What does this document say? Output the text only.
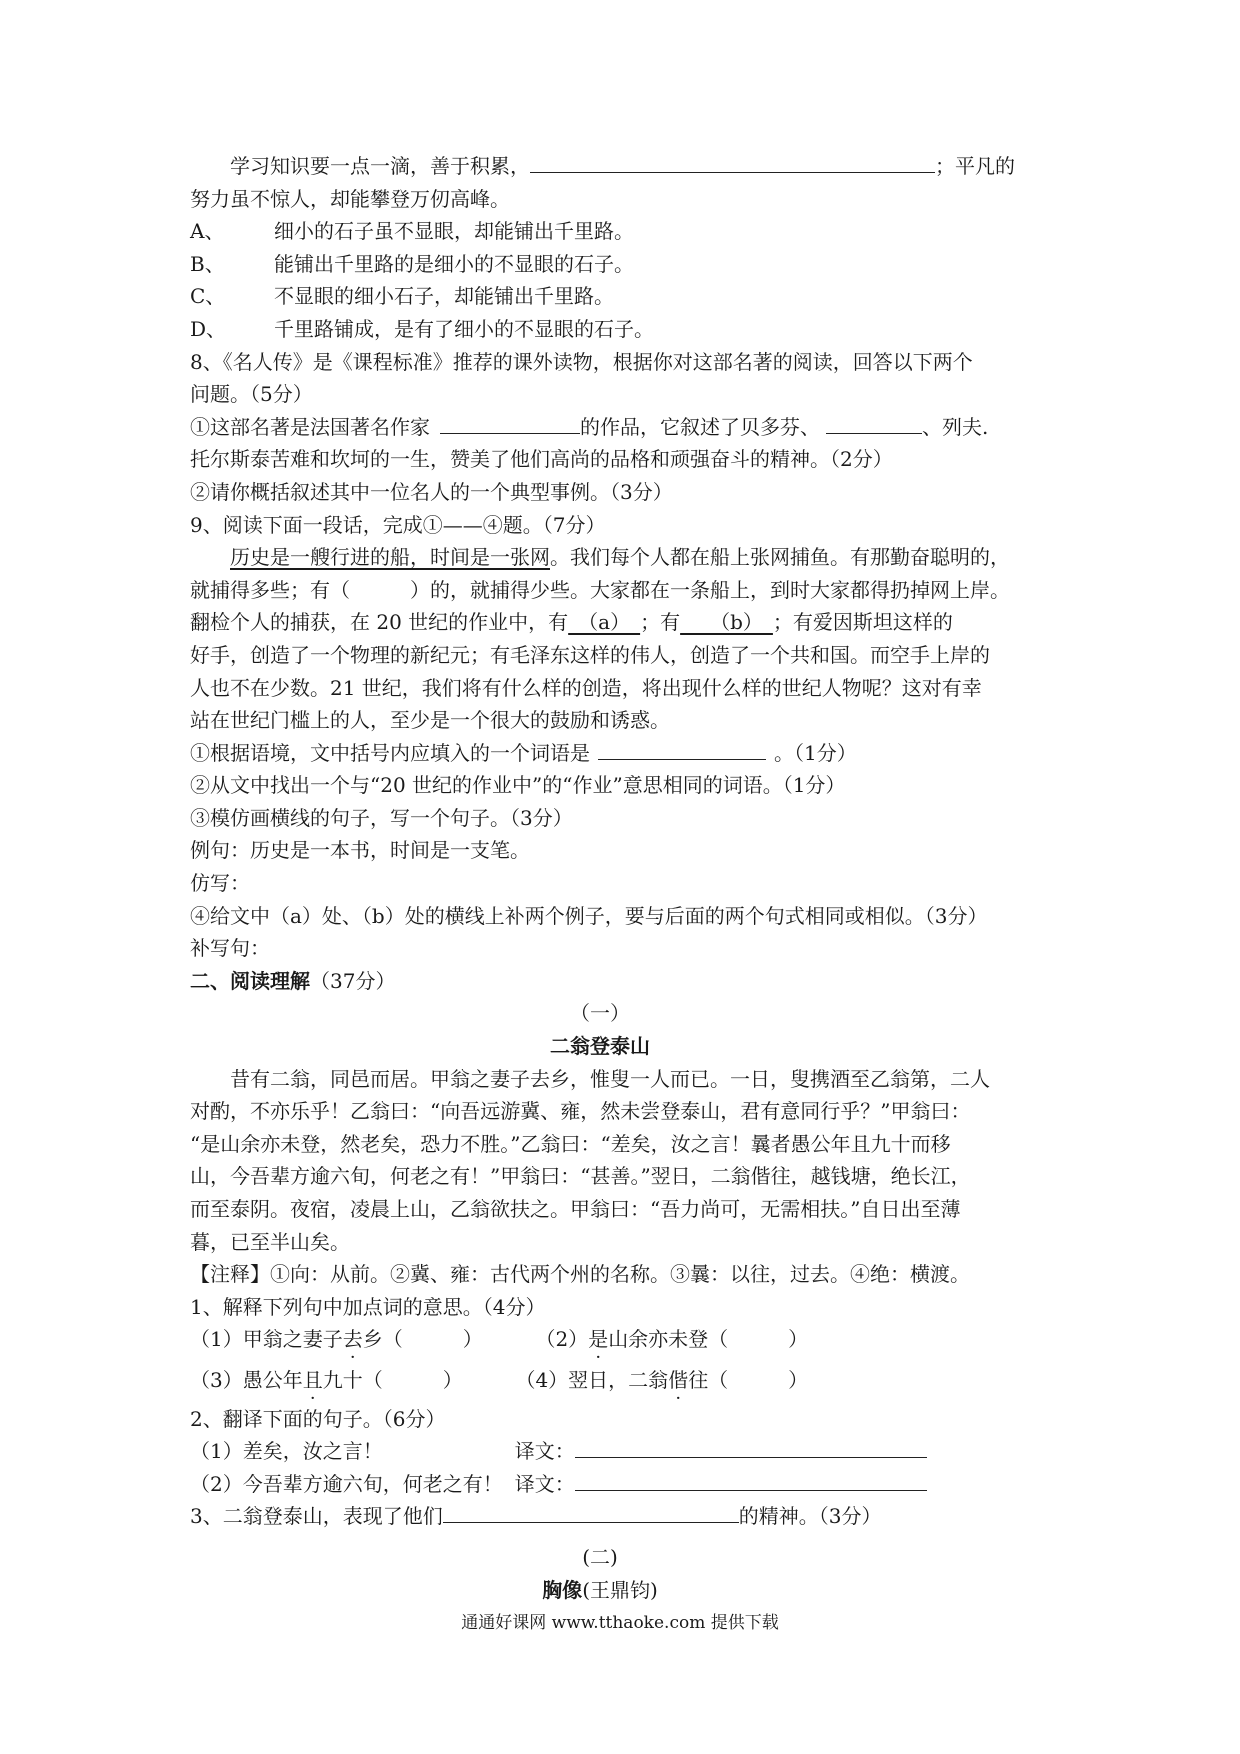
学习知识要一点一滴，善于积累，	；平凡的
努力虽不惊人，却能攀登万仞高峰。
A、 细小的石子虽不显眼，却能铺出千里路。
B、 能铺出千里路的是细小的不显眼的石子。
C、 不显眼的细小石子，却能铺出千里路。
D、 千里路铺成，是有了细小的不显眼的石子。
8、《名人传》是《课程标准》推荐的课外读物，根据你对这部名著的阅读，回答以下两个
问题。（5分）
①这部名著是法国著名作家	的作品，它叙述了贝多芬、	、列夫.
托尔斯泰苦难和坎坷的一生，赞美了他们高尚的品格和顽强奋斗的精神。（2分）
②请你概括叙述其中一位名人的一个典型事例。（3分）
9、阅读下面一段话，完成①——④题。（7分）
历史是一艘行进的船，时间是一张网。我们每个人都在船上张网捕鱼。有那勤奋聪明的，
就捕得多些；有（　　　）的，就捕得少些。大家都在一条船上，到时大家都得扔掉网上岸。
翻检个人的捕获，在 20 世纪的作业中，有　（a）　；有　　（b）　；有爱因斯坦这样的
好手，创造了一个物理的新纪元；有毛泽东这样的伟人，创造了一个共和国。而空手上岸的
人也不在少数。21 世纪，我们将有什么样的创造，将出现什么样的世纪人物呢？这对有幸
站在世纪门槛上的人，至少是一个很大的鼓励和诱惑。
①根据语境，文中括号内应填入的一个词语是	。（1分）
②从文中找出一个与“20 世纪的作业中”的“作业”意思相同的词语。（1分）
③模仿画横线的句子，写一个句子。（3分）
例句：历史是一本书，时间是一支笔。
仿写：
④给文中（a）处、（b）处的横线上补两个例子，要与后面的两个句式相同或相似。（3分）
补写句：
二、阅读理解（37分）
（一）
二翁登泰山
昔有二翁，同邑而居。甲翁之妻子去乡，惟叟一人而已。一日，叟携酒至乙翁第，二人
对酌，不亦乐乎！乙翁曰：“向吾远游冀、雍，然未尝登泰山，君有意同行乎？”甲翁曰：
“是山余亦未登，然老矣，恐力不胜。”乙翁曰：“差矣，汝之言！曩者愚公年且九十而移
山，今吾辈方逾六旬，何老之有！”甲翁曰：“甚善。”翌日，二翁偕往，越钱塘，绝长江，
而至泰阴。夜宿，凌晨上山，乙翁欲扶之。甲翁曰：“吾力尚可，无需相扶。”自日出至薄
暮，已至半山矣。
【注释】①向：从前。②冀、雍：古代两个州的名称。③曩：以往，过去。④绝：横渡。
1、解释下列句中加点词的意思。（4分）
（1）甲翁之妻子去乡（　　　）	（2）是山余亦未登（　　　）
（3）愚公年且九十（　　　）	（4）翌日，二翁偕往（　　　）
2、翻译下面的句子。（6分）
（1）差矣，汝之言！	译文：
（2）今吾辈方逾六旬，何老之有！ 译文：
3、二翁登泰山，表现了他们	的精神。（3分）
(二)
胸像(王鼎钧)
通通好课网 www.tthaoke.com 提供下载
